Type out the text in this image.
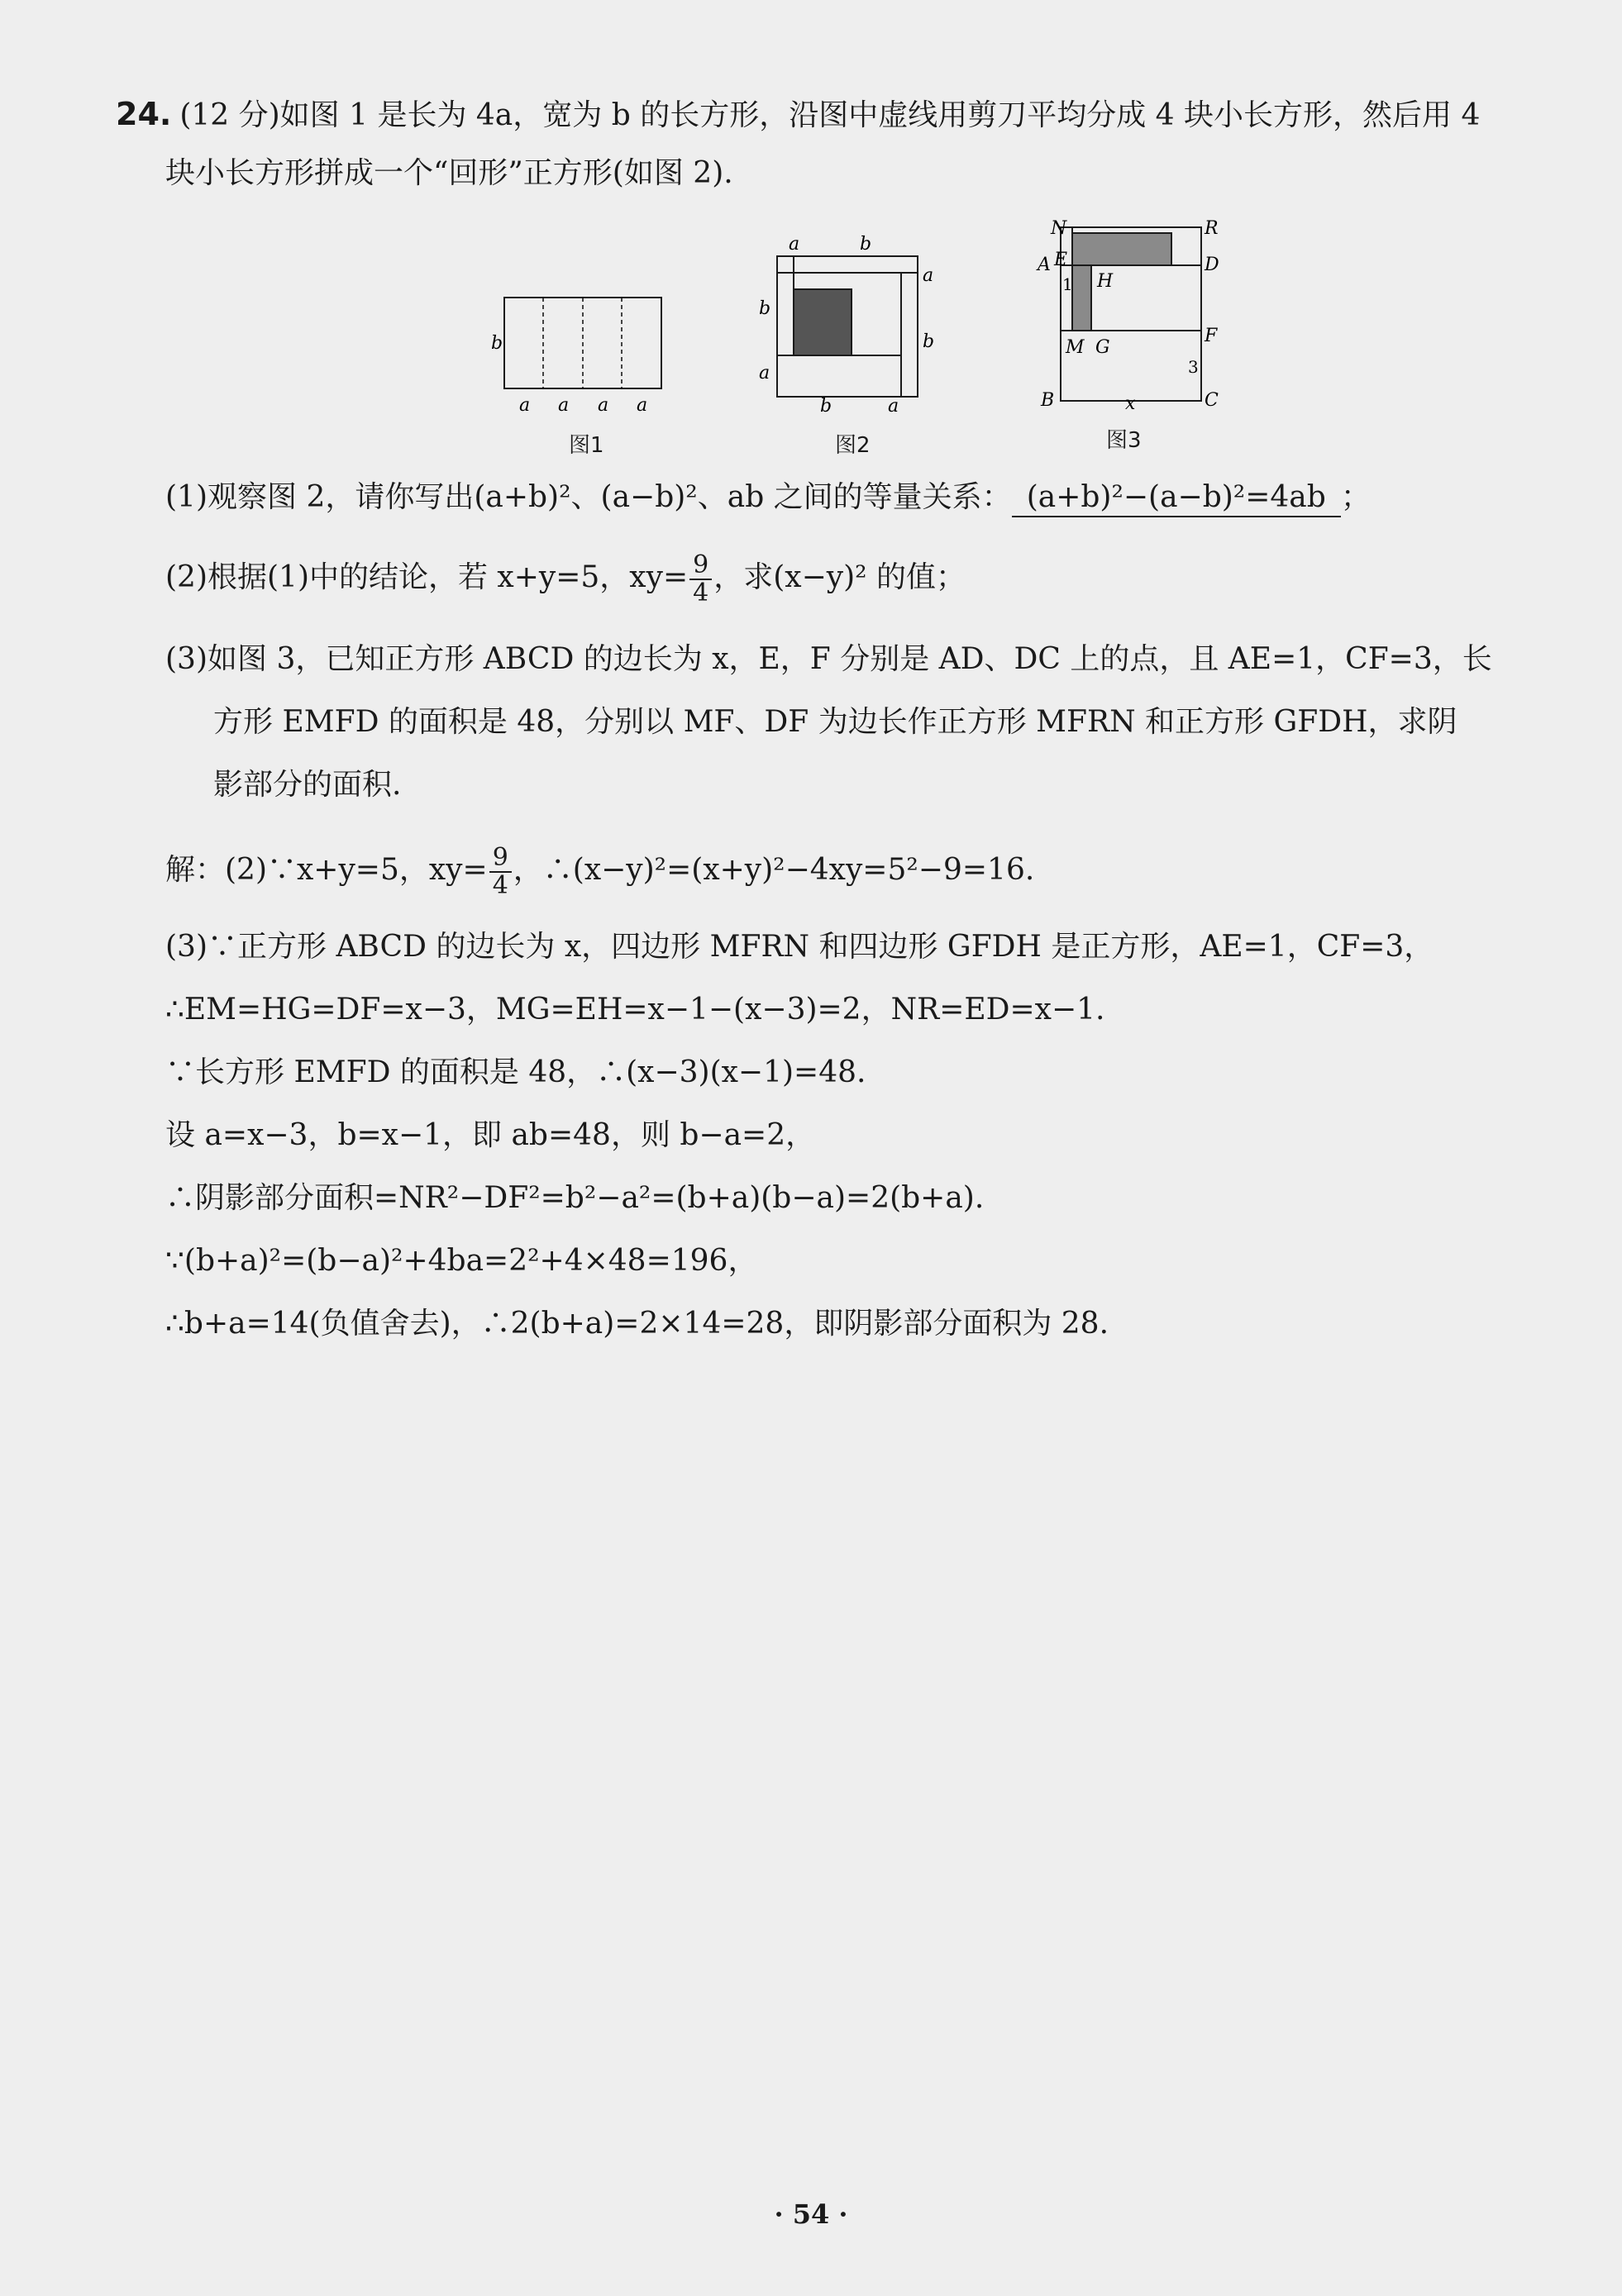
24. (12 分)如图 1 是长为 4a，宽为 b 的长方形，沿图中虚线用剪刀平均分成 4 块小长方形，然后用 4
块小长方形拼成一个“回形”正方形(如图 2).
b
a a a a
图1
a	b
a
b
b
a
b	a
图2
N	R
A E	D
1 H
F
M G
3
B	x	C
图3
(1)观察图 2，请你写出(a+b)²、(a−b)²、ab 之间的等量关系： (a+b)²−(a−b)²=4ab ；
(2)根据(1)中的结论，若 x+y=5，$xy= \frac{9}{4}$ ，求(x−y)² 的值；
(3)如图 3，已知正方形 ABCD 的边长为 x，E，F 分别是 AD、DC 上的点，且 AE=1，CF=3，长
方形 EMFD 的面积是 48，分别以 MF、DF 为边长作正方形 MFRN 和正方形 GFDH，求阴
影部分的面积.
解：(2)∵x+y=5，$xy= \frac{9}{4}$ ，∴(x−y)²=(x+y)²−4xy=5²−9=16.
(3)∵正方形 ABCD 的边长为 x，四边形 MFRN 和四边形 GFDH 是正方形，AE=1，CF=3，
∴EM=HG=DF=x−3，MG=EH=x−1−(x−3)=2，NR=ED=x−1.
∵长方形 EMFD 的面积是 48，∴(x−3)(x−1)=48.
设 a=x−3，b=x−1，即 ab=48，则 b−a=2，
∴阴影部分面积=NR²−DF²=b²−a²=(b+a)(b−a)=2(b+a).
∵(b+a)²=(b−a)²+4ba=2²+4×48=196，
∴b+a=14(负值舍去)，∴2(b+a)=2×14=28，即阴影部分面积为 28.
· 54 ·
